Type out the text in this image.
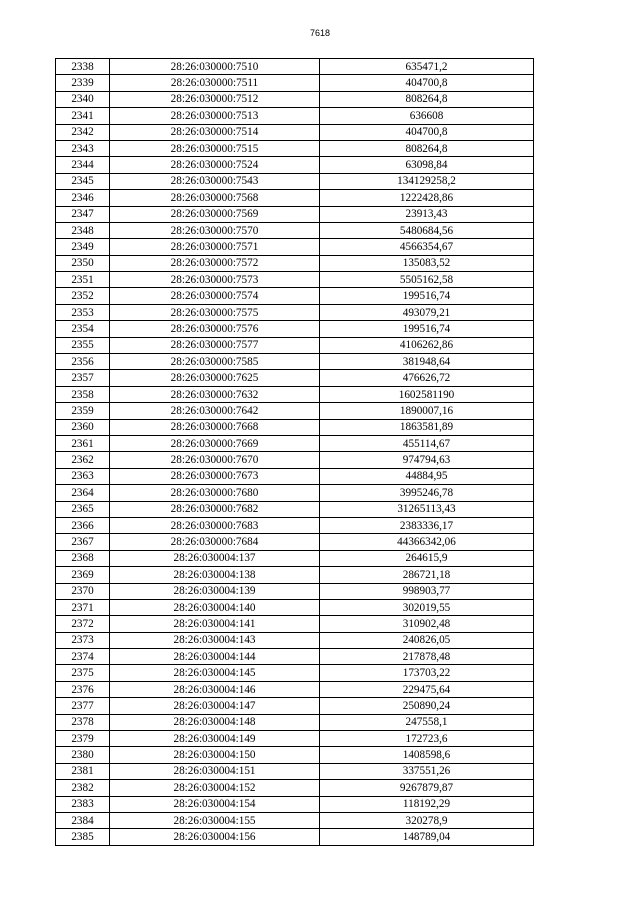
7618
2338	28:26:030000:7510	635471,2
2339	28:26:030000:7511	404700,8
2340	28:26:030000:7512	808264,8
2341	28:26:030000:7513	636608
2342	28:26:030000:7514	404700,8
2343	28:26:030000:7515	808264,8
2344	28:26:030000:7524	63098,84
2345	28:26:030000:7543	134129258,2
2346	28:26:030000:7568	1222428,86
2347	28:26:030000:7569	23913,43
2348	28:26:030000:7570	5480684,56
2349	28:26:030000:7571	4566354,67
2350	28:26:030000:7572	135083,52
2351	28:26:030000:7573	5505162,58
2352	28:26:030000:7574	199516,74
2353	28:26:030000:7575	493079,21
2354	28:26:030000:7576	199516,74
2355	28:26:030000:7577	4106262,86
2356	28:26:030000:7585	381948,64
2357	28:26:030000:7625	476626,72
2358	28:26:030000:7632	1602581190
2359	28:26:030000:7642	1890007,16
2360	28:26:030000:7668	1863581,89
2361	28:26:030000:7669	455114,67
2362	28:26:030000:7670	974794,63
2363	28:26:030000:7673	44884,95
2364	28:26:030000:7680	3995246,78
2365	28:26:030000:7682	31265113,43
2366	28:26:030000:7683	2383336,17
2367	28:26:030000:7684	44366342,06
2368	28:26:030004:137	264615,9
2369	28:26:030004:138	286721,18
2370	28:26:030004:139	998903,77
2371	28:26:030004:140	302019,55
2372	28:26:030004:141	310902,48
2373	28:26:030004:143	240826,05
2374	28:26:030004:144	217878,48
2375	28:26:030004:145	173703,22
2376	28:26:030004:146	229475,64
2377	28:26:030004:147	250890,24
2378	28:26:030004:148	247558,1
2379	28:26:030004:149	172723,6
2380	28:26:030004:150	1408598,6
2381	28:26:030004:151	337551,26
2382	28:26:030004:152	9267879,87
2383	28:26:030004:154	118192,29
2384	28:26:030004:155	320278,9
2385	28:26:030004:156	148789,04
